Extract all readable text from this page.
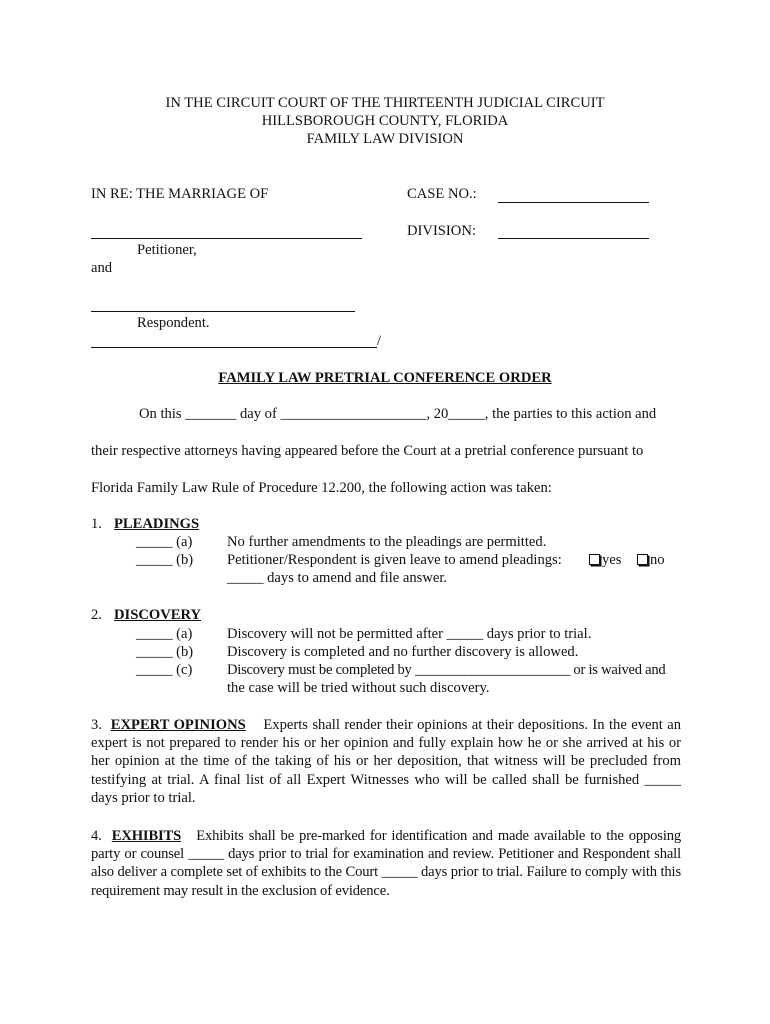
IN THE CIRCUIT COURT OF THE THIRTEENTH JUDICIAL CIRCUIT
HILLSBOROUGH COUNTY, FLORIDA
FAMILY LAW DIVISION
IN RE: THE MARRIAGE OF	CASE NO.:
DIVISION:
Petitioner,
and
Respondent.
/
FAMILY LAW PRETRIAL CONFERENCE ORDER
On this _______ day of ____________________, 20_____, the parties to this action and
their respective attorneys having appeared before the Court at a pretrial conference pursuant to
Florida Family Law Rule of Procedure 12.200, the following action was taken:
1. PLEADINGS
_____ (a) No further amendments to the pleadings are permitted.
_____ (b) Petitioner/Respondent is given leave to amend pleadings:	yes	no
_____ days to amend and file answer.
2. DISCOVERY
_____ (a) Discovery will not be permitted after _____ days prior to trial.
_____ (b) Discovery is completed and no further discovery is allowed.
_____ (c) Discovery must be completed by ______________________ or is waived and
the case will be tried without such discovery.
3. EXPERT OPINIONS Experts shall render their opinions at their depositions. In the event an expert is not prepared to render his or her opinion and fully explain how he or she arrived at his or her opinion at the time of the taking of his or her deposition, that witness will be precluded from testifying at trial. A final list of all Expert Witnesses who will be called shall be furnished _____ days prior to trial.
4. EXHIBITS Exhibits shall be pre-marked for identification and made available to the opposing party or counsel _____ days prior to trial for examination and review. Petitioner and Respondent shall also deliver a complete set of exhibits to the Court _____ days prior to trial. Failure to comply with this requirement may result in the exclusion of evidence.
